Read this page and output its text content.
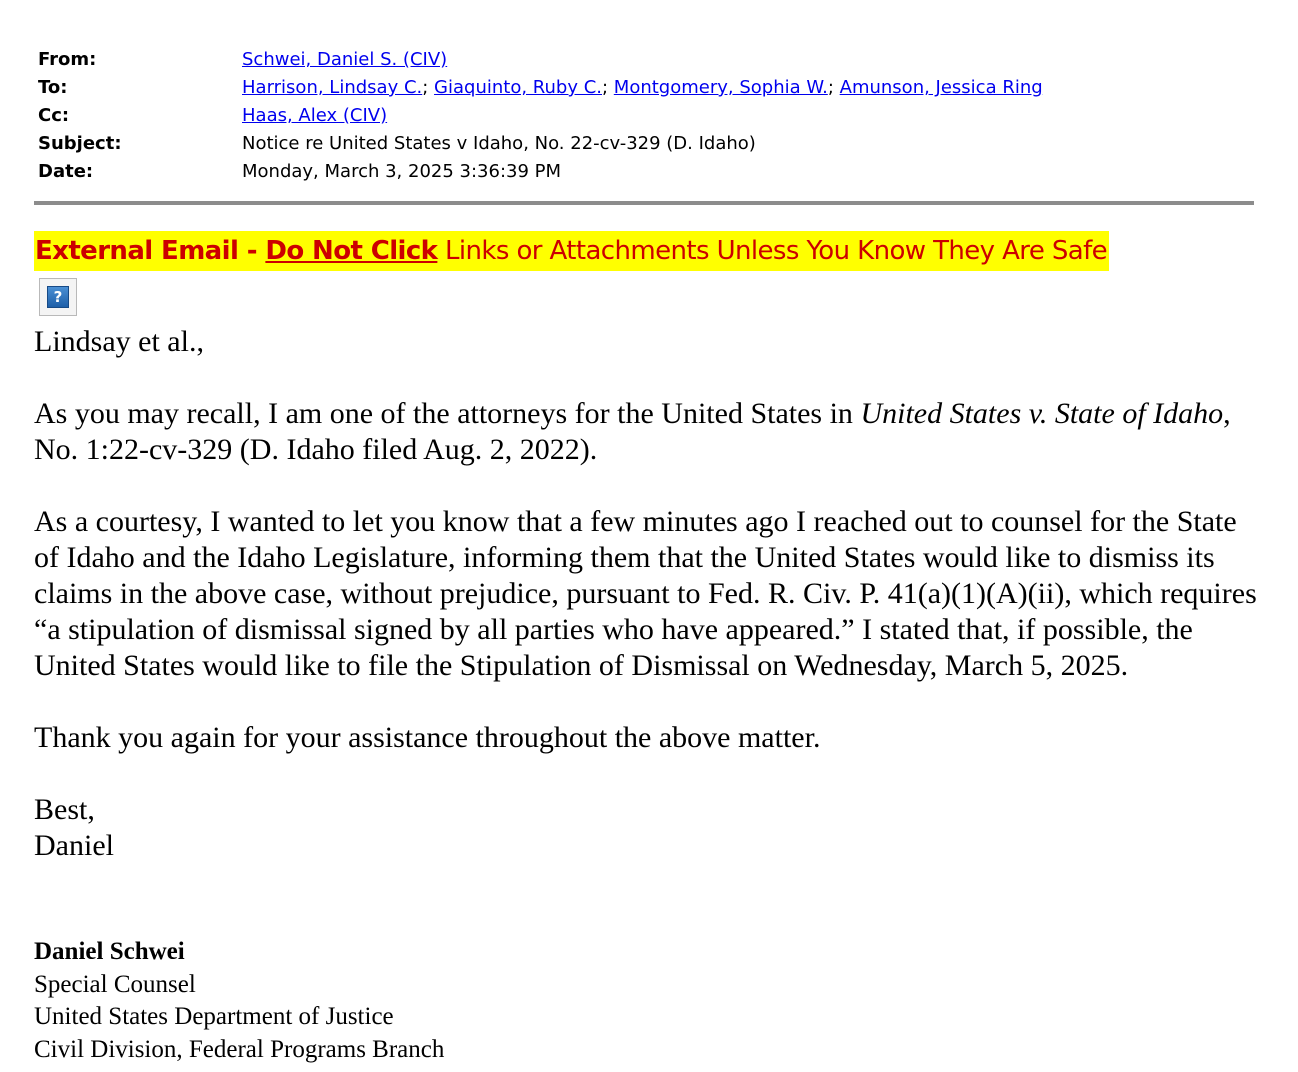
From:	Schwei, Daniel S. (CIV)
To:	Harrison, Lindsay C.; Giaquinto, Ruby C.; Montgomery, Sophia W.; Amunson, Jessica Ring
Cc:	Haas, Alex (CIV)
Subject:	Notice re United States v Idaho, No. 22-cv-329 (D. Idaho)
Date:	Monday, March 3, 2025 3:36:39 PM
External Email - Do Not Click Links or Attachments Unless You Know They Are Safe
?

Lindsay et al.,

As you may recall, I am one of the attorneys for the United States in United States v. State of Idaho, No. 1:22-cv-329 (D. Idaho filed Aug. 2, 2022).

As a courtesy, I wanted to let you know that a few minutes ago I reached out to counsel for the State of Idaho and the Idaho Legislature, informing them that the United States would like to dismiss its claims in the above case, without prejudice, pursuant to Fed. R. Civ. P. 41(a)(1)(A)(ii), which requires “a stipulation of dismissal signed by all parties who have appeared.” I stated that, if possible, the United States would like to file the Stipulation of Dismissal on Wednesday, March 5, 2025.

Thank you again for your assistance throughout the above matter.

Best,
Daniel

Daniel Schwei
Special Counsel
United States Department of Justice
Civil Division, Federal Programs Branch
